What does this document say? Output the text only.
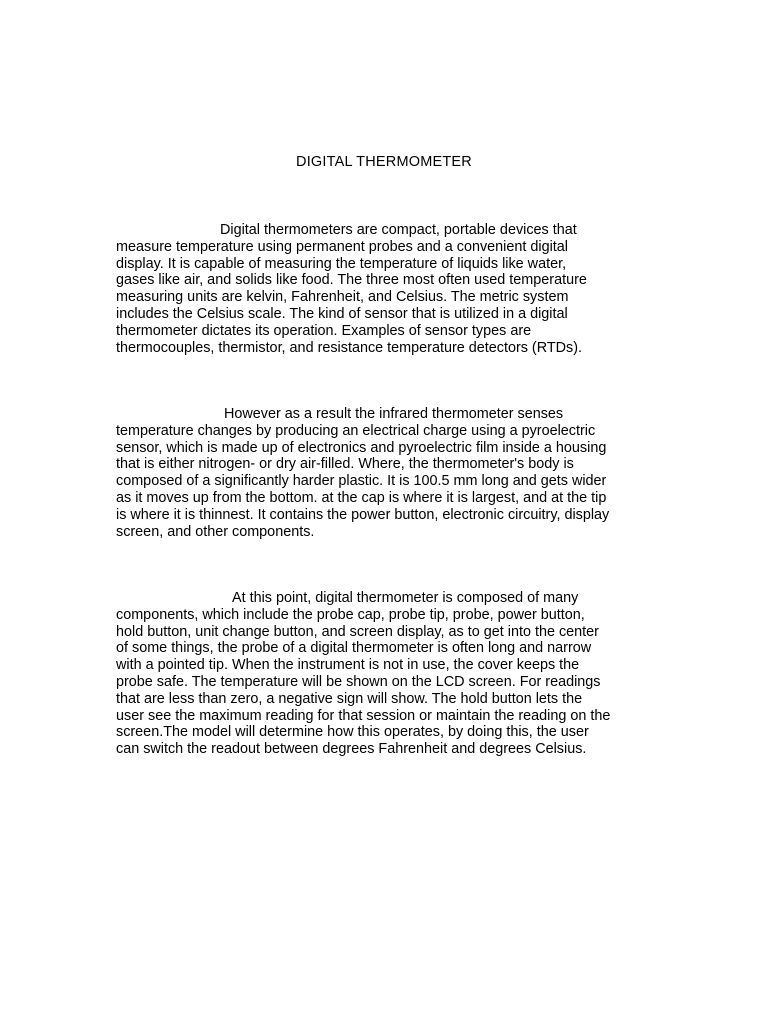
DIGITAL THERMOMETER

Digital thermometers are compact, portable devices that
measure temperature using permanent probes and a convenient digital
display. It is capable of measuring the temperature of liquids like water,
gases like air, and solids like food. The three most often used temperature
measuring units are kelvin, Fahrenheit, and Celsius. The metric system
includes the Celsius scale. The kind of sensor that is utilized in a digital
thermometer dictates its operation. Examples of sensor types are
thermocouples, thermistor, and resistance temperature detectors (RTDs).

However as a result the infrared thermometer senses
temperature changes by producing an electrical charge using a pyroelectric
sensor, which is made up of electronics and pyroelectric film inside a housing
that is either nitrogen- or dry air-filled. Where, the thermometer's body is
composed of a significantly harder plastic. It is 100.5 mm long and gets wider
as it moves up from the bottom. at the cap is where it is largest, and at the tip
is where it is thinnest. It contains the power button, electronic circuitry, display
screen, and other components.

At this point, digital thermometer is composed of many
components, which include the probe cap, probe tip, probe, power button,
hold button, unit change button, and screen display, as to get into the center
of some things, the probe of a digital thermometer is often long and narrow
with a pointed tip. When the instrument is not in use, the cover keeps the
probe safe. The temperature will be shown on the LCD screen. For readings
that are less than zero, a negative sign will show. The hold button lets the
user see the maximum reading for that session or maintain the reading on the
screen.The model will determine how this operates, by doing this, the user
can switch the readout between degrees Fahrenheit and degrees Celsius.
